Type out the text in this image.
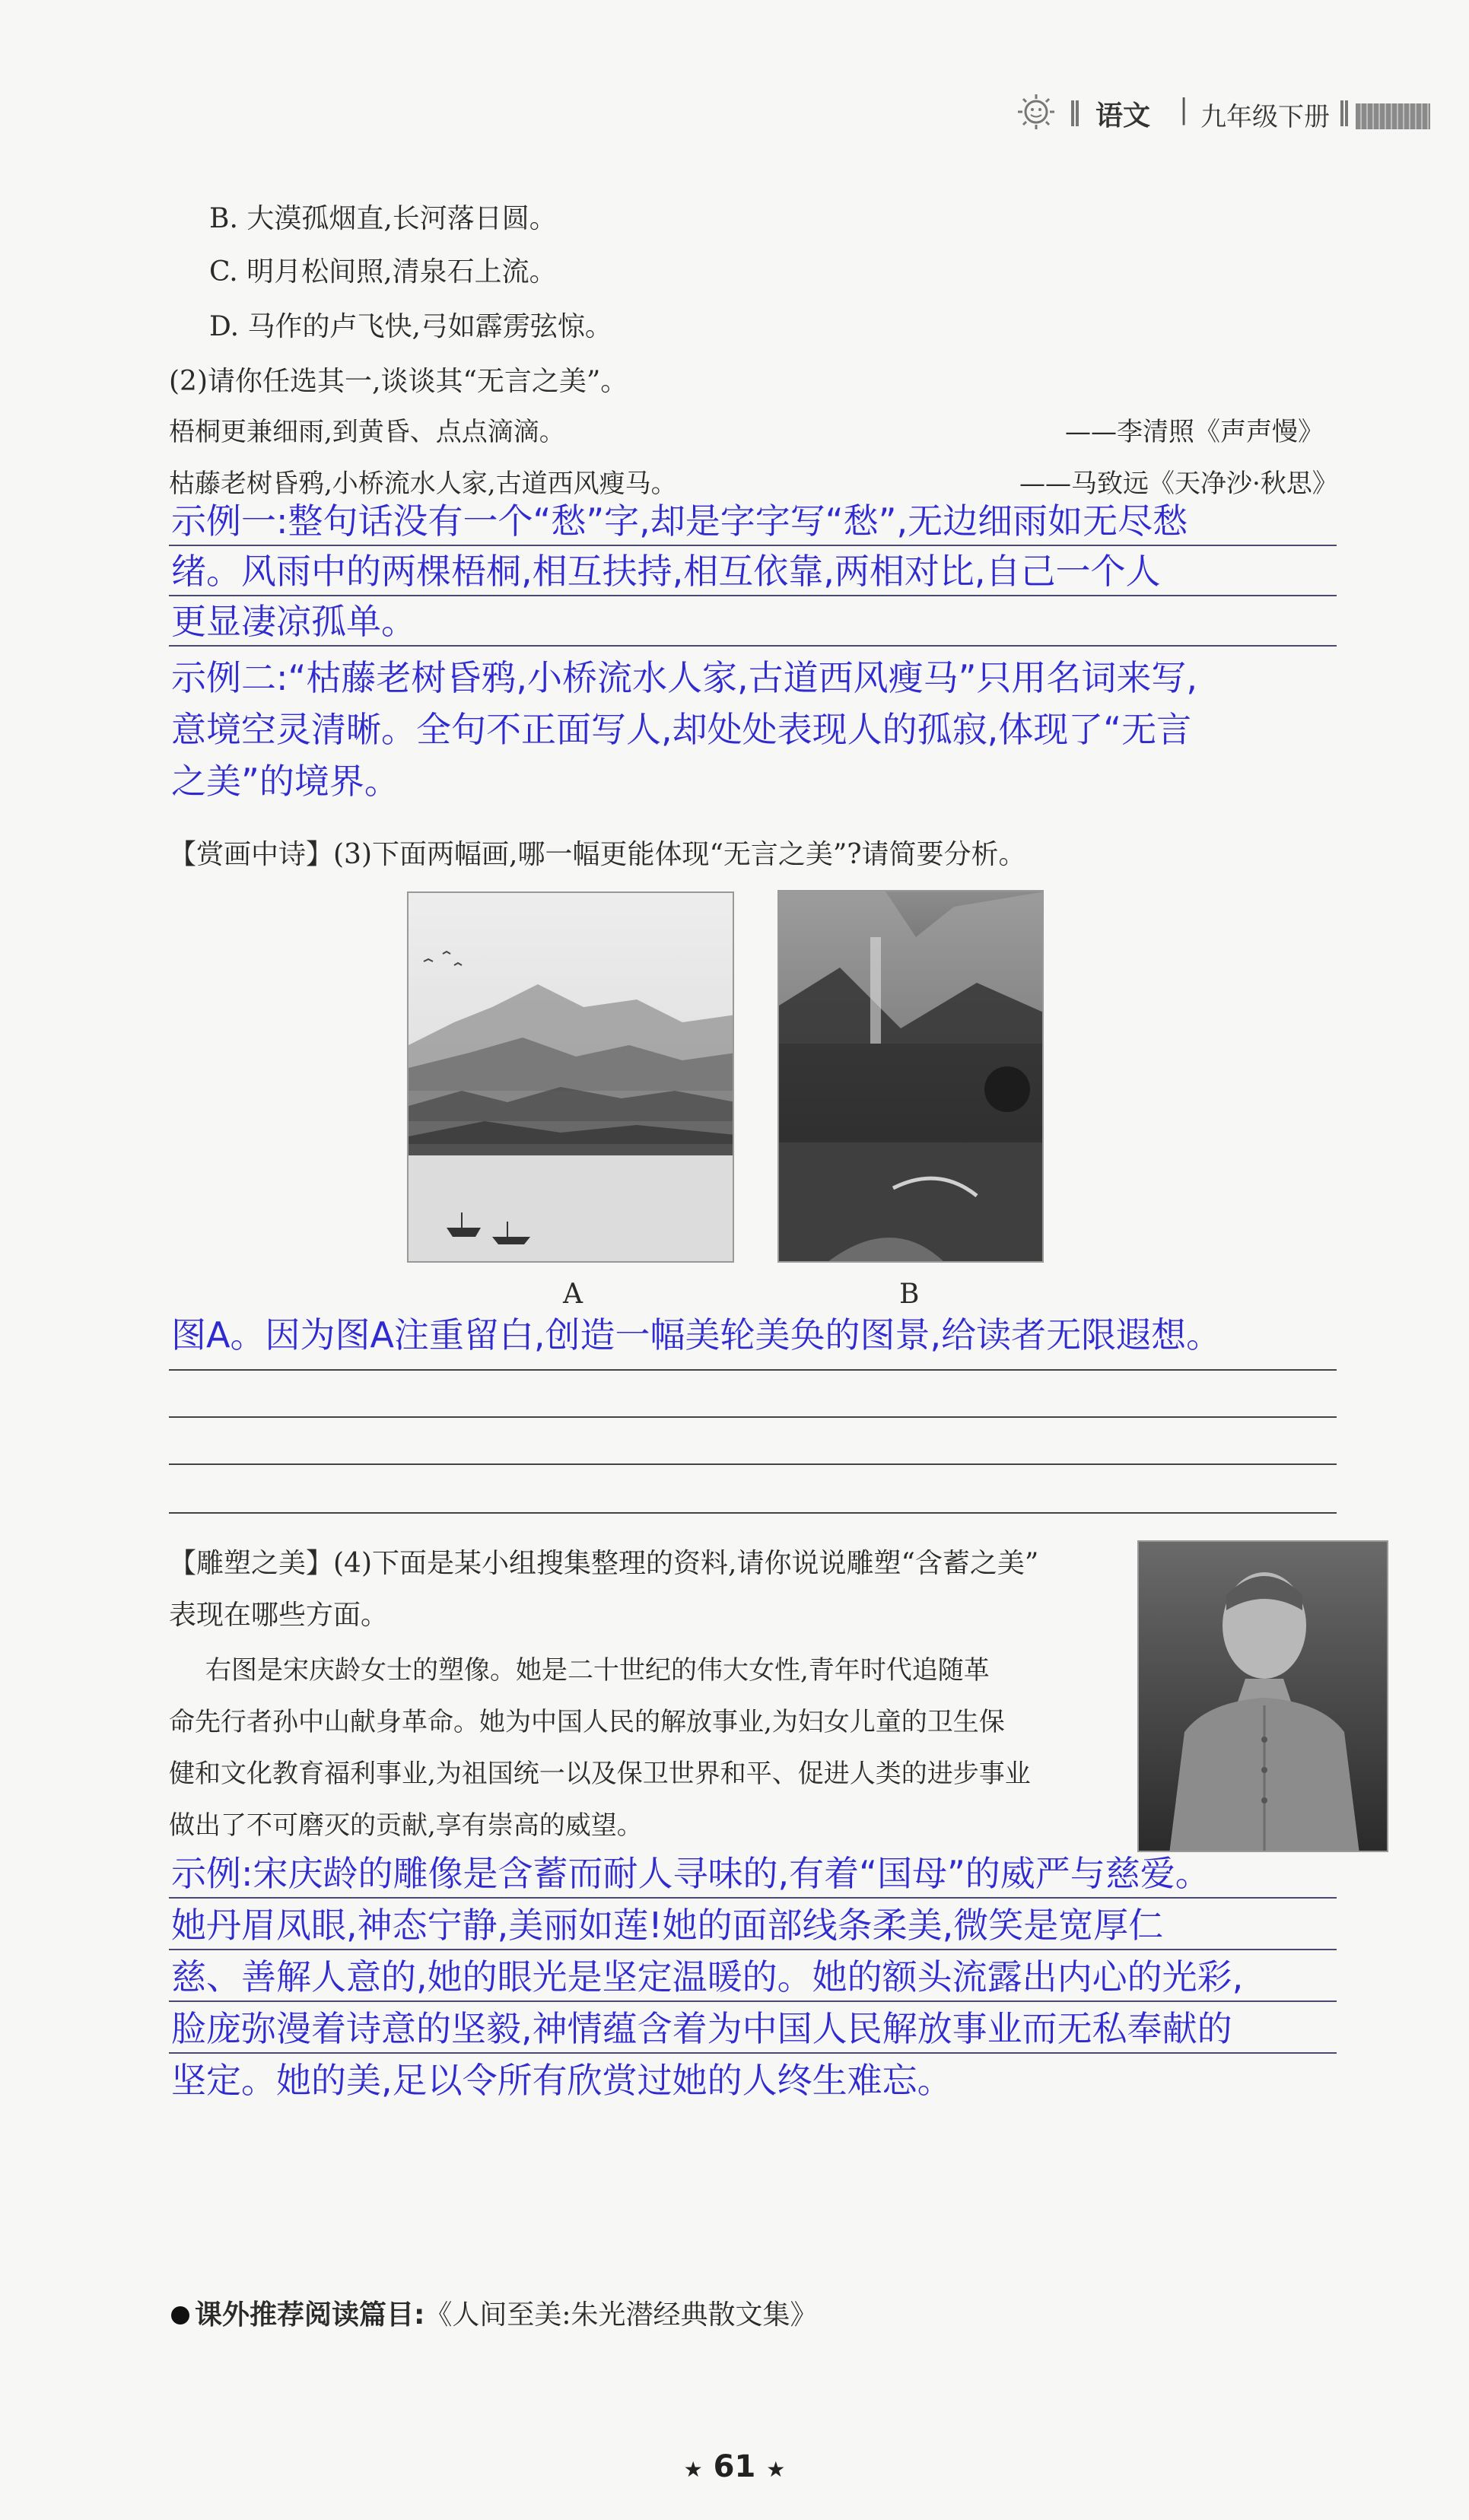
语文 | 九年级下册
B. 大漠孤烟直,长河落日圆。
C. 明月松间照,清泉石上流。
D. 马作的卢飞快,弓如霹雳弦惊。
(2)请你任选其一,谈谈其“无言之美”。
梧桐更兼细雨,到黄昏、点点滴滴。	——李清照《声声慢》
枯藤老树昏鸦,小桥流水人家,古道西风瘦马。	——马致远《天净沙·秋思》
示例一:整句话没有一个“愁”字,却是字字写“愁”,无边细雨如无尽愁
绪。风雨中的两棵梧桐,相互扶持,相互依靠,两相对比,自己一个人
更显凄凉孤单。
示例二:“枯藤老树昏鸦,小桥流水人家,古道西风瘦马”只用名词来写,
意境空灵清晰。全句不正面写人,却处处表现人的孤寂,体现了“无言
之美”的境界。
【赏画中诗】(3)下面两幅画,哪一幅更能体现“无言之美”?请简要分析。
A	B
图A。因为图A注重留白,创造一幅美轮美奂的图景,给读者无限遐想。
【雕塑之美】(4)下面是某小组搜集整理的资料,请你说说雕塑“含蓄之美”
表现在哪些方面。
右图是宋庆龄女士的塑像。她是二十世纪的伟大女性,青年时代追随革
命先行者孙中山献身革命。她为中国人民的解放事业,为妇女儿童的卫生保
健和文化教育福利事业,为祖国统一以及保卫世界和平、促进人类的进步事业
做出了不可磨灭的贡献,享有崇高的威望。
示例:宋庆龄的雕像是含蓄而耐人寻味的,有着“国母”的威严与慈爱。
她丹眉凤眼,神态宁静,美丽如莲!她的面部线条柔美,微笑是宽厚仁
慈、善解人意的,她的眼光是坚定温暖的。她的额头流露出内心的光彩,
脸庞弥漫着诗意的坚毅,神情蕴含着为中国人民解放事业而无私奉献的
坚定。她的美,足以令所有欣赏过她的人终生难忘。
课外推荐阅读篇目:《人间至美:朱光潜经典散文集》
★ 61 ★
